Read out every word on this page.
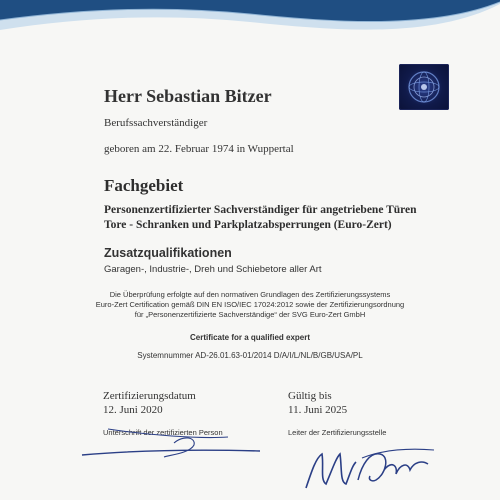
Herr Sebastian Bitzer
Berufssachverständiger
geboren am 22. Februar 1974 in Wuppertal
Fachgebiet
Personenzertifizierter Sachverständiger für angetriebene Türen
Tore - Schranken und Parkplatzabsperrungen (Euro-Zert)
Zusatzqualifikationen
Garagen-, Industrie-, Dreh und Schiebetore aller Art
Die Überprüfung erfolgte auf den normativen Grundlagen des Zertifizierungssystems
Euro-Zert Certification gemäß DIN EN ISO/IEC 17024:2012 sowie der Zertifizierungsordnung
für „Personenzertifizierte Sachverständige“ der SVG Euro-Zert GmbH
Certificate for a qualified expert
Systemnummer AD-26.01.63-01/2014 D/A/I/L/NL/B/GB/USA/PL
Zertifizierungsdatum
12. Juni 2020
Gültig bis
11. Juni 2025
Unterschrift der zertifizierten Person	Leiter der Zertifizierungsstelle
